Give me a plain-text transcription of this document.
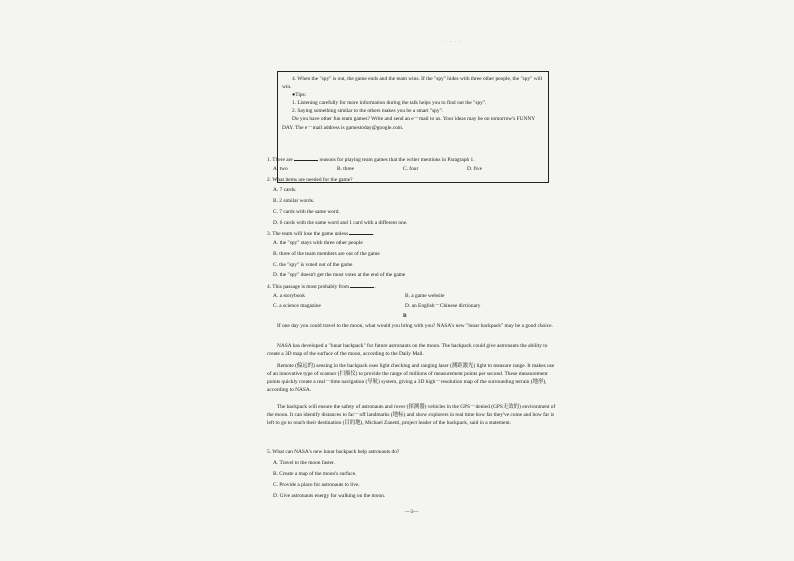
· · · ·

4. When the "spy" is out, the game ends and the team wins. If the "spy" hides with three other people, the "spy" will win.

●Tips:

1. Listening carefully for more information during the talk helps you to find out the "spy".

2. Saying something similar to the others makes you be a smart "spy".

Do you have other fun team games? Write and send an e－mail to us. Your ideas may be on tomorrow's FUNNY DAY. The e－mail address is gamestoday@google.com.

1. There are	reasons for playing team games that the writer mentions in Paragraph 1.
A. two	B. three	C. four	D. five
2. What items are needed for the game?
A. 7 cards.
B. 2 similar words.
C. 7 cards with the same word.
D. 6 cards with the same word and 1 card with a different one.
3. The team will lose the game unless	.
A. the "spy" stays with three other people
B. three of the team members are out of the game
C. the "spy" is voted out of the game
D. the "spy" doesn't get the most votes at the end of the game
4. This passage is most probably from	.
A. a storybook	B. a game website
C. a science magazine	D. an English－Chinese dictionary
B
If one day you could travel to the moon, what would you bring with you? NASA's new "lunar backpack" may be a good choice.
NASA has developed a "lunar backpack" for future astronauts on the moon. The backpack could give astronauts the ability to create a 3D map of the surface of the moon, according to the Daily Mail.
Remote (偏远的) sensing in the backpack uses light checking and ranging laser (测距激光) light to measure range. It makes use of an innovative type of scanner (扫描仪) to provide the range of millions of measurement points per second. These measurement points quickly create a real－time navigation (导航) system, giving a 3D high－resolution map of the surrounding terrain (地形), according to NASA.
The backpack will ensure the safety of astronauts and rover (探测器) vehicles in the GPS－denied (GPS无效的) environment of the moon. It can identify distances to far－off landmarks (地标) and show explorers in real time how far they've come and how far is left to go to reach their destination (目的地), Michael Zanetti, project leader of the backpack, said in a statement.
5. What can NASA's new lunar backpack help astronauts do?
A. Travel to the moon faster.
B. Create a map of the moon's surface.
C. Provide a place for astronauts to live.
D. Give astronauts energy for walking on the moon.
—3—
